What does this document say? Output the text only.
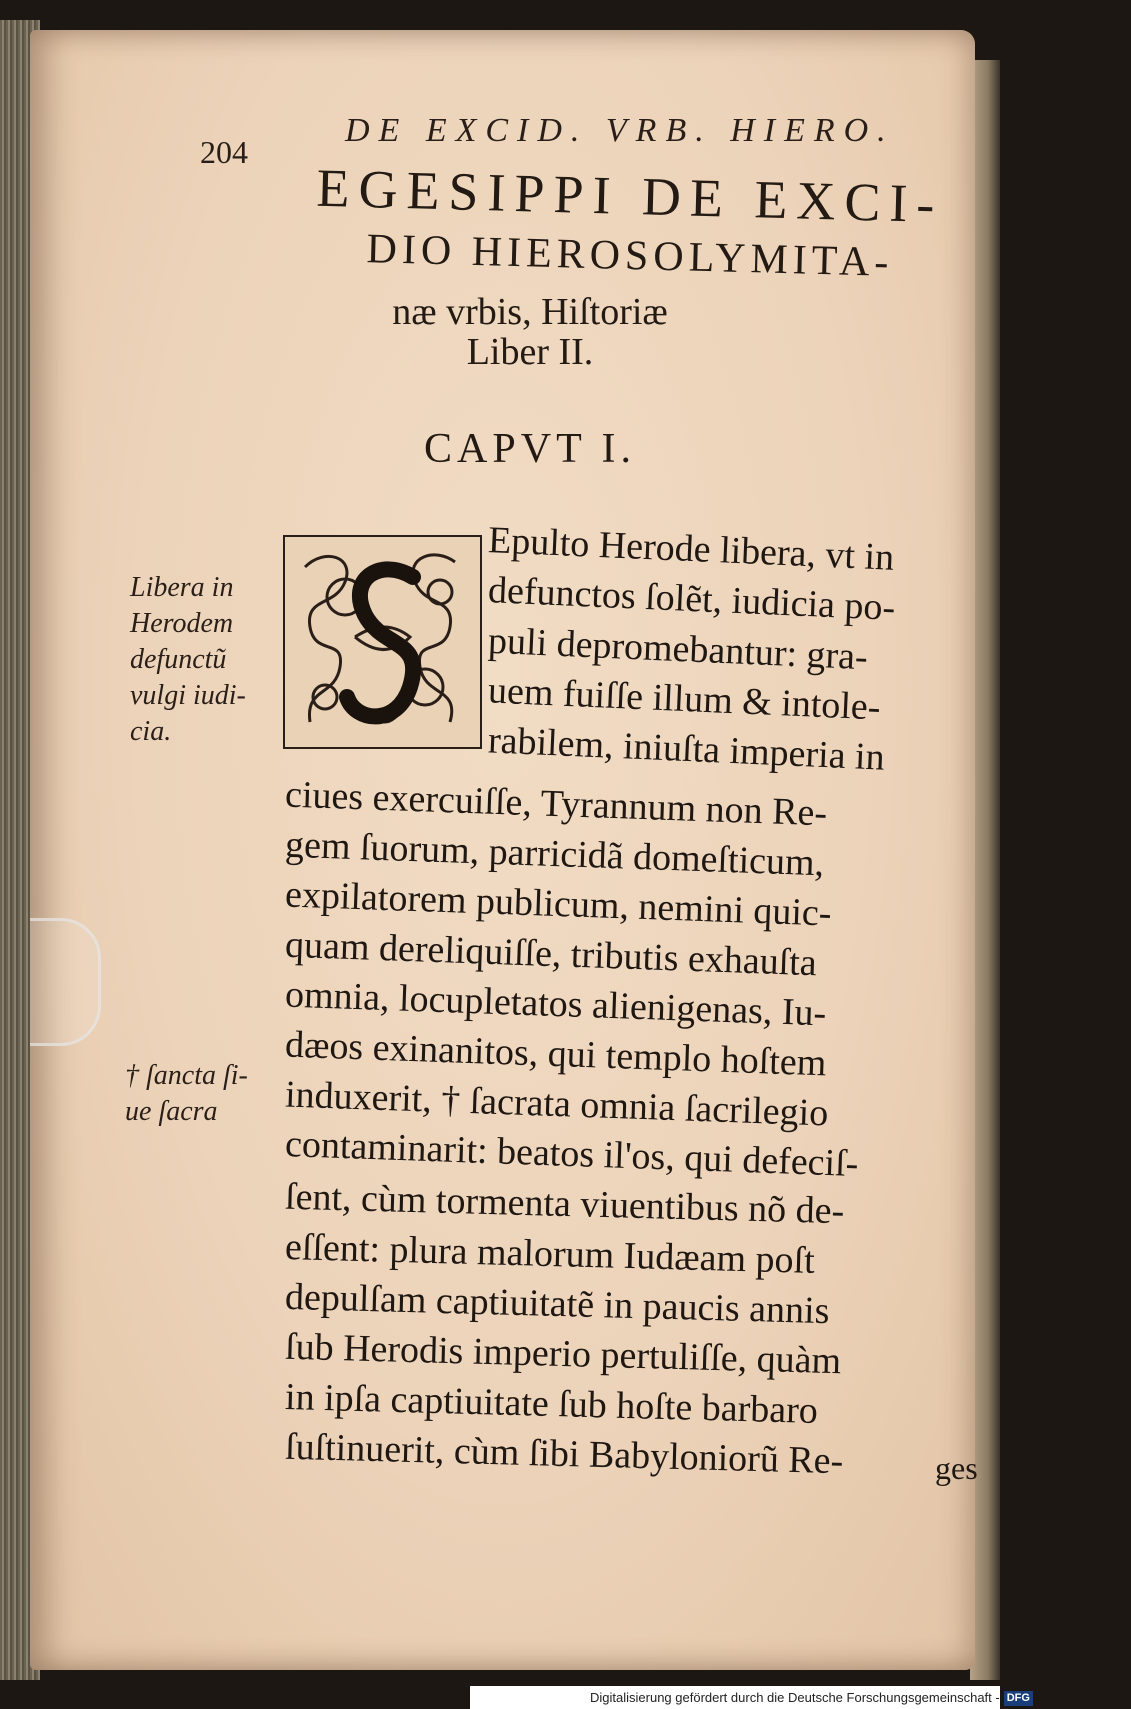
204
DE EXCID. VRB. HIERO.
EGESIPPI DE EXCI-
DIO HIEROSOLYMITA-
næ vrbis, Hiſtoriæ
Liber II.
CAPVT I.
Epulto Herode libera, vt in
defunctos ſolẽt, iudicia po-
puli depromebantur: gra-
uem fuiſſe illum & intole-
rabilem, iniuſta imperia in
ciues exercuiſſe, Tyrannum non Re-
gem ſuorum, parricidã domeſticum,
expilatorem publicum, nemini quic-
quam dereliquiſſe, tributis exhauſta
omnia, locupletatos alienigenas, Iu-
dæos exinanitos, qui templo hoſtem
induxerit, † ſacrata omnia ſacrilegio
contaminarit: beatos il'os, qui defeciſ-
ſent, cùm tormenta viuentibus nõ de-
eſſent: plura malorum Iudæam poſt
depulſam captiuitatẽ in paucis annis
ſub Herodis imperio pertuliſſe, quàm
in ipſa captiuitate ſub hoſte barbaro
ſuſtinuerit, cùm ſibi Babyloniorũ Re-
Libera in
Herodem
defunctũ
vulgi iudi-
cia.
† ſancta ſi-
ue ſacra
ges
Digitalisierung gefördert durch die Deutsche Forschungsgemeinschaft - DFG
